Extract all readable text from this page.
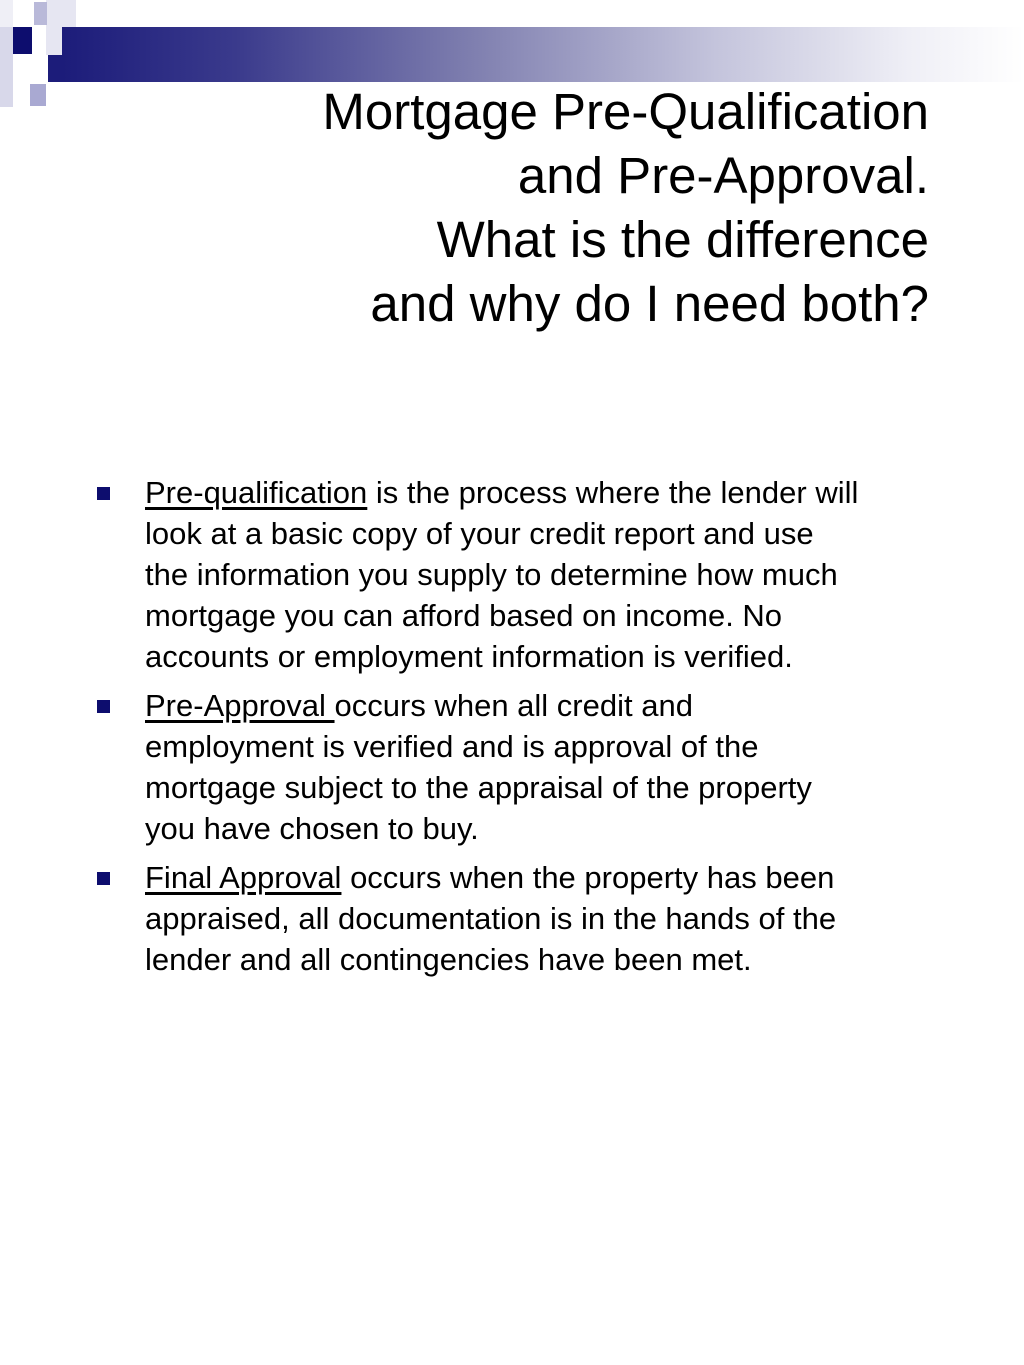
Mortgage Pre-Qualification
and Pre-Approval.
What is the difference
and why do I need both?
Pre-qualification is the process where the lender will
look at a basic copy of your credit report and use
the information you supply to determine how much
mortgage you can afford based on income. No
accounts or employment information is verified.
Pre-Approval occurs when all credit and
employment is verified and is approval of the
mortgage subject to the appraisal of the property
you have chosen to buy.
Final Approval occurs when the property has been
appraised, all documentation is in the hands of the
lender and all contingencies have been met.
